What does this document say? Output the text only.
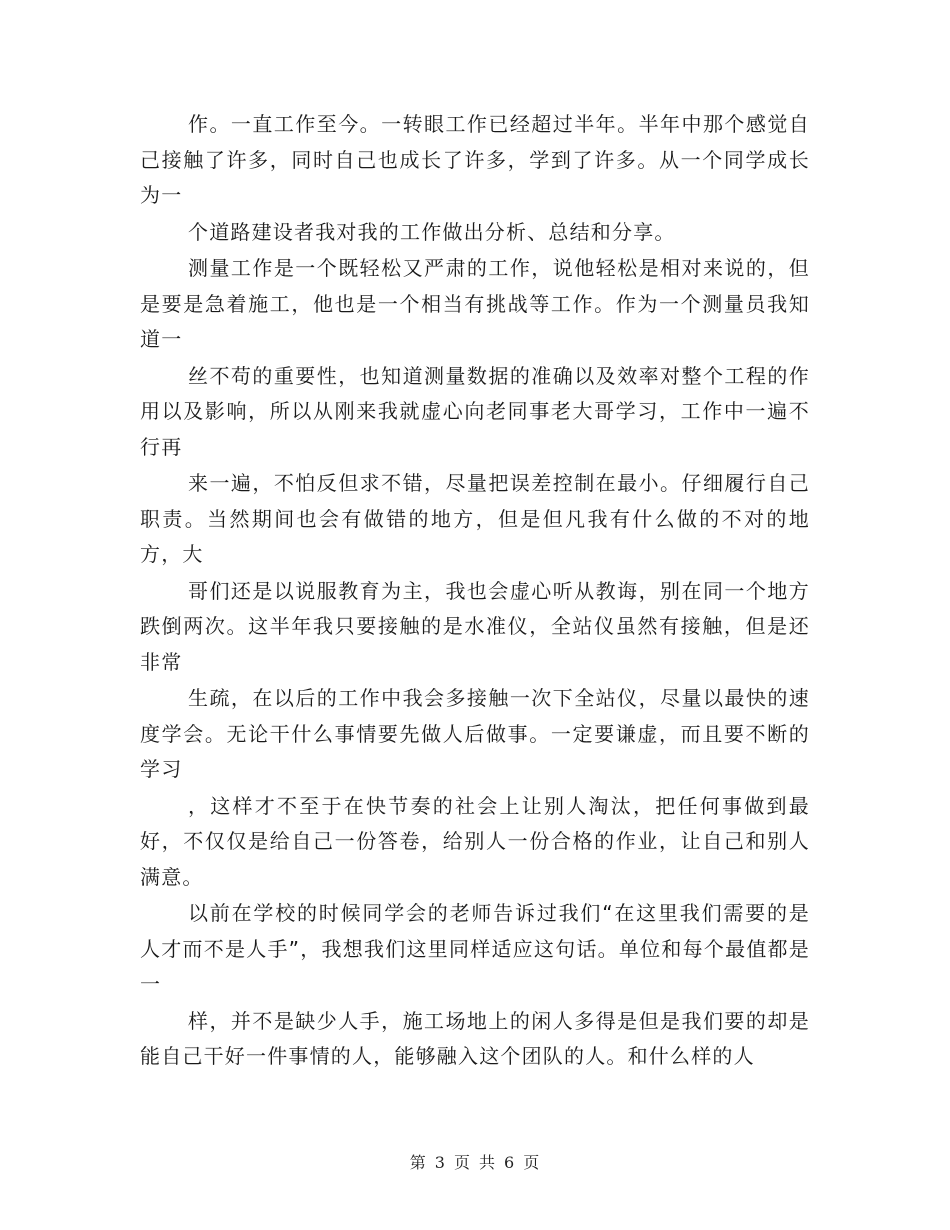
作。一直工作至今。一转眼工作已经超过半年。半年中那个感觉自己接触了许多，同时自己也成长了许多，学到了许多。从一个同学成长为一

个道路建设者我对我的工作做出分析、总结和分享。

测量工作是一个既轻松又严肃的工作，说他轻松是相对来说的，但是要是急着施工，他也是一个相当有挑战等工作。作为一个测量员我知道一

丝不苟的重要性，也知道测量数据的准确以及效率对整个工程的作用以及影响，所以从刚来我就虚心向老同事老大哥学习，工作中一遍不行再

来一遍，不怕反但求不错，尽量把误差控制在最小。仔细履行自己职责。当然期间也会有做错的地方，但是但凡我有什么做的不对的地方，大

哥们还是以说服教育为主，我也会虚心听从教诲，别在同一个地方跌倒两次。这半年我只要接触的是水准仪，全站仪虽然有接触，但是还非常

生疏，在以后的工作中我会多接触一次下全站仪，尽量以最快的速度学会。无论干什么事情要先做人后做事。一定要谦虚，而且要不断的学习

，这样才不至于在快节奏的社会上让别人淘汰，把任何事做到最好，不仅仅是给自己一份答卷，给别人一份合格的作业，让自己和别人满意。

以前在学校的时候同学会的老师告诉过我们“在这里我们需要的是人才而不是人手”，我想我们这里同样适应这句话。单位和每个最值都是一

样，并不是缺少人手，施工场地上的闲人多得是但是我们要的却是能自己干好一件事情的人，能够融入这个团队的人。和什么样的人

第 3 页 共 6 页
